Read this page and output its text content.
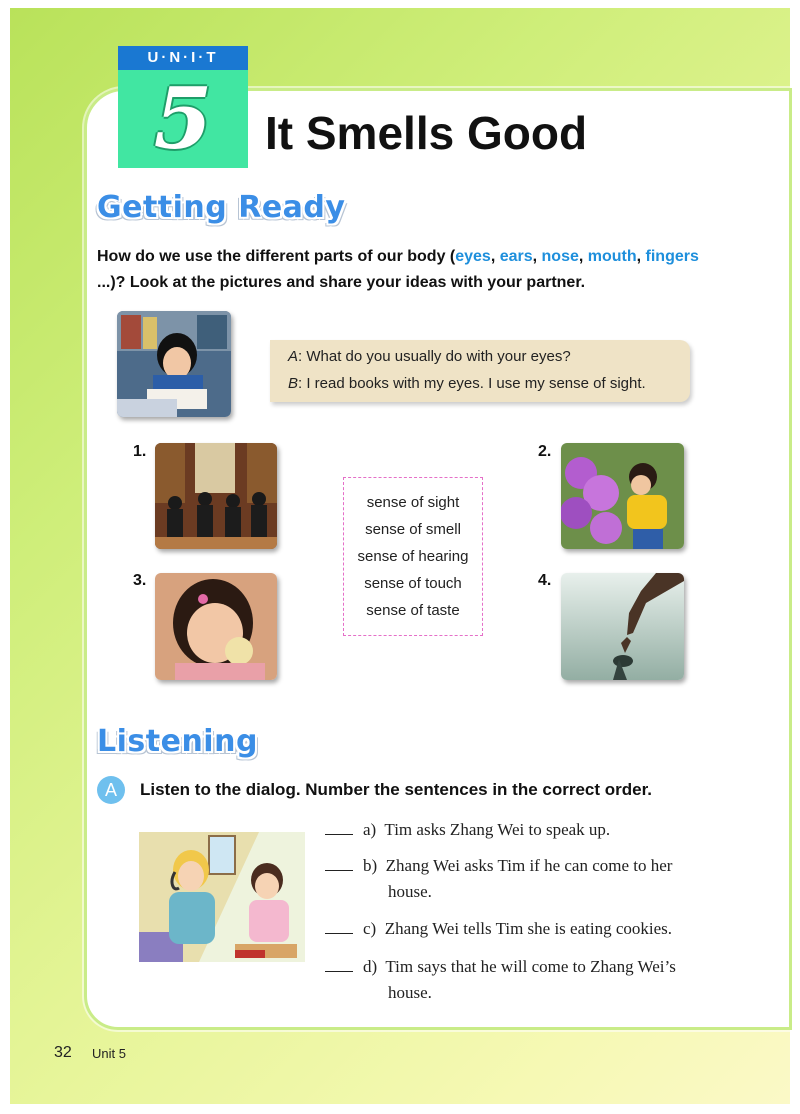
U·N·I·T
5	It Smells Good
Getting Ready
How do we use the different parts of our body (eyes, ears, nose, mouth, fingers ...)? Look at the pictures and share your ideas with your partner.
A: What do you usually do with your eyes?
B: I read books with my eyes. I use my sense of sight.
1.	2.
3.	4.
sense of sight
sense of smell
sense of hearing
sense of touch
sense of taste
Listening
A	Listen to the dialog. Number the sentences in the correct order.
a) Tim asks Zhang Wei to speak up.
b) Zhang Wei asks Tim if he can come to her
house.
c) Zhang Wei tells Tim she is eating cookies.
d) Tim says that he will come to Zhang Wei’s
house.
32 Unit 5
